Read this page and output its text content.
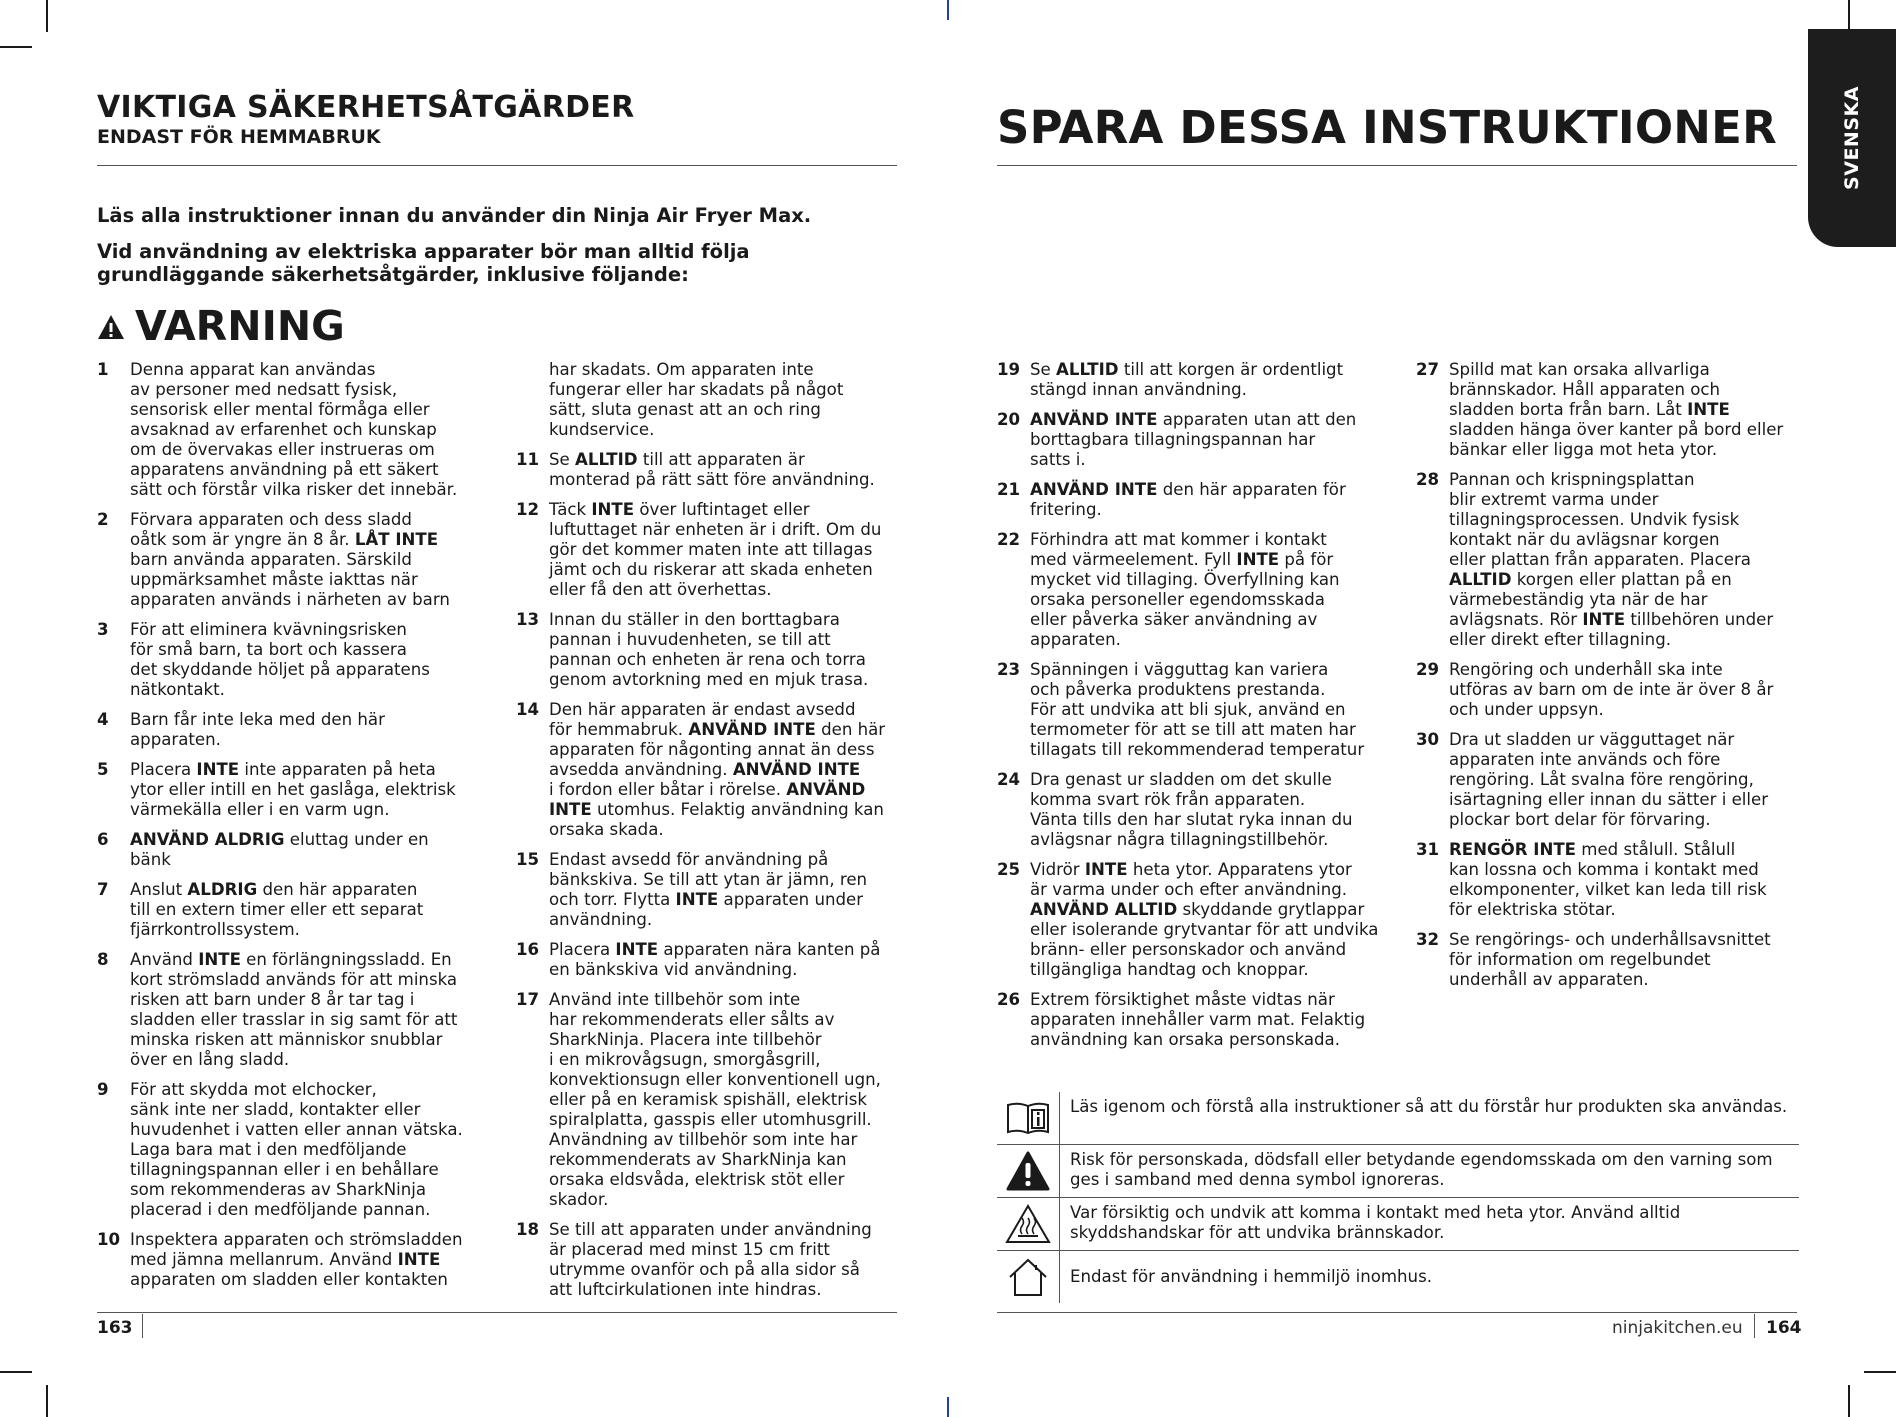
SVENSKA
VIKTIGA SÄKERHETSÅTGÄRDER
ENDAST FÖR HEMMABRUK	SPARA DESSA INSTRUKTIONER
Läs alla instruktioner innan du använder din Ninja Air Fryer Max.
Vid användning av elektriska apparater bör man alltid följa grundläggande säkerhetsåtgärder, inklusive följande:
VARNING
1	Denna apparat kan användas
av personer med nedsatt fysisk,
sensorisk eller mental förmåga eller
avsaknad av erfarenhet och kunskap
om de övervakas eller instrueras om
apparatens användning på ett säkert
sätt och förstår vilka risker det innebär.
2	Förvara apparaten och dess sladd
oåtk som är yngre än 8 år. LÅT INTE
barn använda apparaten. Särskild
uppmärksamhet måste iakttas när
apparaten används i närheten av barn
3	För att eliminera kvävningsrisken
för små barn, ta bort och kassera
det skyddande höljet på apparatens
nätkontakt.
4	Barn får inte leka med den här
apparaten.
5	Placera INTE inte apparaten på heta
ytor eller intill en het gaslåga, elektrisk
värmekälla eller i en varm ugn.
6	ANVÄND ALDRIG eluttag under en
bänk
7	Anslut ALDRIG den här apparaten
till en extern timer eller ett separat
fjärrkontrollssystem.
8	Använd INTE en förlängningssladd. En
kort strömsladd används för att minska
risken att barn under 8 år tar tag i
sladden eller trasslar in sig samt för att
minska risken att människor snubblar
över en lång sladd.
9	För att skydda mot elchocker,
sänk inte ner sladd, kontakter eller
huvudenhet i vatten eller annan vätska.
Laga bara mat i den medföljande
tillagningspannan eller i en behållare
som rekommenderas av SharkNinja
placerad i den medföljande pannan.
10 Inspektera apparaten och strömsladden
med jämna mellanrum. Använd INTE
apparaten om sladden eller kontakten
har skadats. Om apparaten inte
fungerar eller har skadats på något
sätt, sluta genast att an och ring
kundservice.
11 Se ALLTID till att apparaten är
monterad på rätt sätt före användning.
12 Täck INTE över luftintaget eller
luftuttaget när enheten är i drift. Om du
gör det kommer maten inte att tillagas
jämt och du riskerar att skada enheten
eller få den att överhettas.
13 Innan du ställer in den borttagbara
pannan i huvudenheten, se till att
pannan och enheten är rena och torra
genom avtorkning med en mjuk trasa.
14 Den här apparaten är endast avsedd
för hemmabruk. ANVÄND INTE den här
apparaten för någonting annat än dess
avsedda användning. ANVÄND INTE
i fordon eller båtar i rörelse. ANVÄND
INTE utomhus. Felaktig användning kan
orsaka skada.
15 Endast avsedd för användning på
bänkskiva. Se till att ytan är jämn, ren
och torr. Flytta INTE apparaten under
användning.
16 Placera INTE apparaten nära kanten på
en bänkskiva vid användning.
17 Använd inte tillbehör som inte
har rekommenderats eller sålts av
SharkNinja. Placera inte tillbehör
i en mikrovågsugn, smorgåsgrill,
konvektionsugn eller konventionell ugn,
eller på en keramisk spishäll, elektrisk
spiralplatta, gasspis eller utomhusgrill.
Användning av tillbehör som inte har
rekommenderats av SharkNinja kan
orsaka eldsvåda, elektrisk stöt eller
skador.
18 Se till att apparaten under användning
är placerad med minst 15 cm fritt
utrymme ovanför och på alla sidor så
att luftcirkulationen inte hindras.
19 Se ALLTID till att korgen är ordentligt
stängd innan användning.
20 ANVÄND INTE apparaten utan att den
borttagbara tillagningspannan har
satts i.
21 ANVÄND INTE den här apparaten för
fritering.
22 Förhindra att mat kommer i kontakt
med värmeelement. Fyll INTE på för
mycket vid tillaging. Överfyllning kan
orsaka personeller egendomsskada
eller påverka säker användning av
apparaten.
23 Spänningen i vägguttag kan variera
och påverka produktens prestanda.
För att undvika att bli sjuk, använd en
termometer för att se till att maten har
tillagats till rekommenderad temperatur
24 Dra genast ur sladden om det skulle
komma svart rök från apparaten.
Vänta tills den har slutat ryka innan du
avlägsnar några tillagningstillbehör.
25 Vidrör INTE heta ytor. Apparatens ytor
är varma under och efter användning.
ANVÄND ALLTID skyddande grytlappar
eller isolerande grytvantar för att undvika
bränn- eller personskador och använd
tillgängliga handtag och knoppar.
26 Extrem försiktighet måste vidtas när
apparaten innehåller varm mat. Felaktig
användning kan orsaka personskada.
27 Spilld mat kan orsaka allvarliga
brännskador. Håll apparaten och
sladden borta från barn. Låt INTE
sladden hänga över kanter på bord eller
bänkar eller ligga mot heta ytor.
28 Pannan och krispningsplattan
blir extremt varma under
tillagningsprocessen. Undvik fysisk
kontakt när du avlägsnar korgen
eller plattan från apparaten. Placera
ALLTID korgen eller plattan på en
värmebeständig yta när de har
avlägsnats. Rör INTE tillbehören under
eller direkt efter tillagning.
29 Rengöring och underhåll ska inte
utföras av barn om de inte är över 8 år
och under uppsyn.
30 Dra ut sladden ur vägguttaget när
apparaten inte används och före
rengöring. Låt svalna före rengöring,
isärtagning eller innan du sätter i eller
plockar bort delar för förvaring.
31 RENGÖR INTE med stålull. Stålull
kan lossna och komma i kontakt med
elkomponenter, vilket kan leda till risk
för elektriska stötar.
32 Se rengörings- och underhållsavsnittet
för information om regelbundet
underhåll av apparaten.
Läs igenom och förstå alla instruktioner så att du förstår hur produkten ska användas.
Risk för personskada, dödsfall eller betydande egendomsskada om den varning som ges i samband med denna symbol ignoreras.
Var försiktig och undvik att komma i kontakt med heta ytor. Använd alltid skyddshandskar för att undvika brännskador.
Endast för användning i hemmiljö inomhus.
163	ninjakitchen.eu 164
